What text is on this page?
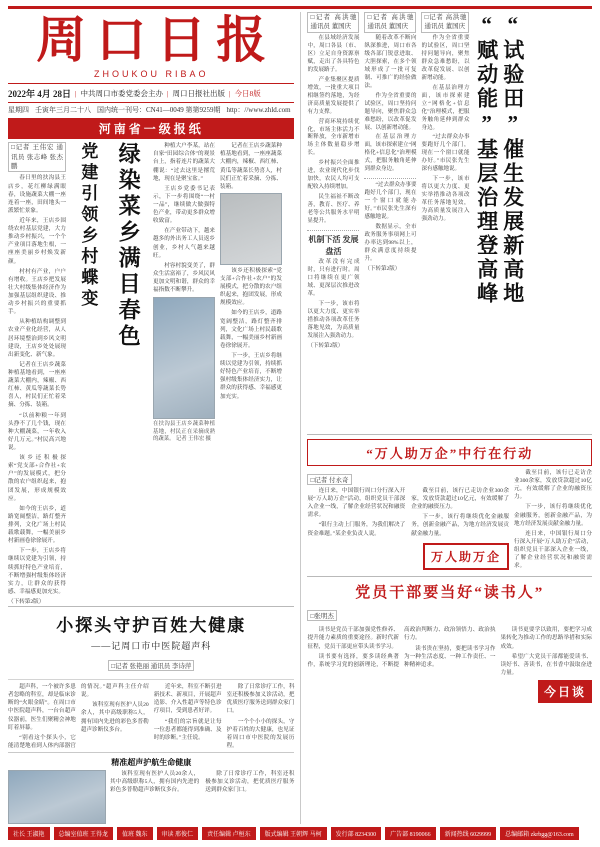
周口日报
ZHOUKOU RIBAO
2022年 4月 28日 | 中共周口市委党委会主办 | 周口日报社出版 | 今日8版
星期四 壬寅年三月二十八 国内统一刊号：CN41—0049 第第9259期 http：//www.zhld.com
河南省一级报纸
□记者 王伟宏 通讯员 张志峰 张杰鹏

春日里的扶沟县王店乡，花红柳绿满眼春，设施蔬菜大棚一座连着一座，田间地头一派繁忙景象。

近年来，王店乡围绕农村基层党建，大力推动乡村振兴，一个个产业项目落地生根，一座座美丽乡村焕发新颜。

村村有产业，户户有增收。王店乡把发展壮大村级集体经济作为加强基层组织建设、推动乡村振兴的重要抓手。

从种植结构调整到农业产业化经营，从人居环境整治到乡风文明建设，王店乡处处展现出新变化、新气象。

记者在王店乡蔬菜种植基地看到，一座座蔬菜大棚内，辣椒、西红柿、黄瓜等蔬菜长势喜人，村民们正忙着采摘、分拣、装箱。

“以前种粮一年到头挣不了几个钱，现在种大棚蔬菜，一年收入好几万元。”村民高兴地说。

该乡还积极探索“党支部+合作社+农户”的发展模式，把分散的农户组织起来，抱团发展，形成规模效应。

如今的王店乡，道路宽阔整洁，路灯整齐排列，文化广场上村民载歌载舞，一幅美丽乡村新画卷徐徐展开。

下一步，王店乡将继续以党建为引领，持续抓好特色产业培育，不断增强村级集体经济实力，让群众的获得感、幸福感更加充实。

（下转第2版）

党建引领乡村蝶变 绿染菜乡满目春色	种植大户李某，站在自家“田园综合体”的观景台上，指着连片的蔬菜大棚说：“过去这里是撂荒地，现在是聚宝盆。”

王店乡党委书记表示，下一步将围绕“一村一品”，继续做大做强特色产业，带动更多群众增收致富。

在产业带动下，越来越多的外出务工人员返乡创业，乡村人气越来越旺。

村容村貌变美了，群众生活富裕了，乡风民风更加文明和谐，群众的幸福指数不断攀升。

在扶沟县王店乡蔬菜种植基地，村民正在采摘成熟的蔬菜。 记者 王伟宏 摄

记者在王店乡蔬菜种植基地看到，一座座蔬菜大棚内，辣椒、西红柿、黄瓜等蔬菜长势喜人，村民们正忙着采摘、分拣、装箱。

该乡还积极探索“党支部+合作社+农户”的发展模式，把分散的农户组织起来，抱团发展，形成规模效应。

如今的王店乡，道路宽阔整洁，路灯整齐排列，文化广场上村民载歌载舞，一幅美丽乡村新画卷徐徐展开。

下一步，王店乡将继续以党建为引领，持续抓好特色产业培育，不断增强村级集体经济实力，让群众的获得感、幸福感更加充实。

小探头守护百姓大健康
——记周口市中医院超声科
□记者 张艳丽 通讯员 李诗萍

超声科，一个被许多患者忽略的科室，却是临床诊断的“火眼金睛”。在周口市中医院超声科，一台台超声仪器前，医生们聚精会神地盯着屏幕。

“别看这个探头小，它能清楚地看到人体内部器官的情况。”超声科主任介绍说。

该科室现有医护人员20余人，其中高级职称5人，拥有国内先进的彩色多普勒超声诊断仪多台。

近年来，科室不断引进新技术、新项目，开展超声造影、介入性超声等特色诊疗项目，受到患者好评。

“我们的宗旨就是让每一位患者都能得到准确、及时的诊断。”主任说。

除了日常诊疗工作，科室还积极参加义诊活动，把优质医疗服务送到群众家门口。

一个个小小的探头，守护着百姓的大健康，也见证着周口市中医院的发展历程。

精准超声护航生命健康

该科室现有医护人员20余人，其中高级职称5人，拥有国内先进的彩色多普勒超声诊断仪多台。

除了日常诊疗工作，科室还积极参加义诊活动，把优质医疗服务送到群众家门口。

□记者 高洪驰 通讯员 董国庆

在县域经济发展中，周口各县（市、区）立足自身资源禀赋，走出了各具特色的发展路子。

产业集聚区提质增效，一批重大项目相继签约落地，为经济高质量发展提供了有力支撑。

营商环境持续优化，市场主体活力不断释放，全市新增市场主体数量稳步增长。

乡村振兴全面推进，农业现代化步伐加快，农民人均可支配收入持续增加。

民生福祉不断改善，教育、医疗、养老等公共服务水平明显提升。

机制下活 发展盘活

改革没有完成时，只有进行时。周口将继续在更广领域、更深层次推进改革。

下一步，该市将以更大力度、更实举措推动各项改革任务落地见效，为高质量发展注入强劲动力。

（下转第2版）

□记者 高洪驰 通讯员 董国庆

随着改革不断向纵深推进，周口市各级各部门锐意进取、大胆探索，在多个领域形成了一批可复制、可推广的经验做法。

作为全省重要的试验区，周口坚持问题导向，聚焦群众急难愁盼，以改革促发展、以创新增动能。

在基层治理方面，该市探索建立“网格化+信息化”治理模式，把服务触角延伸到群众身边。

“过去群众办事要跑好几个部门，现在一个窗口就能办好。”市民张先生深有感触地说。

数据显示，全市政务服务事项网上可办率达到98%以上，群众满意度持续提升。

（下转第2版）

□记者 高洪驰 通讯员 董国庆

作为全省重要的试验区，周口坚持问题导向，聚焦群众急难愁盼，以改革促发展、以创新增动能。

在基层治理方面，该市探索建立“网格化+信息化”治理模式，把服务触角延伸到群众身边。

“过去群众办事要跑好几个部门，现在一个窗口就能办好。”市民张先生深有感触地说。

下一步，该市将以更大力度、更实举措推动各项改革任务落地见效，为高质量发展注入强劲动力。	“赋动能”基层治理登高峰 “试验田”催生发展新高地
“万人助万企”中行在行动
□记者 付永奇

连日来，中国银行周口分行深入开展“万人助万企”活动，组织党员干部深入企业一线，了解企业经营状况和融资需求。

“银行主动上门服务，为我们解决了资金难题。”某企业负责人说。

截至目前，该行已走访企业300余家，发放贷款超过10亿元，有效缓解了企业的融资压力。

下一步，该行将继续优化金融服务，创新金融产品，为地方经济发展贡献金融力量。

万人助万企

截至目前，该行已走访企业300余家，发放贷款超过10亿元，有效缓解了企业的融资压力。

下一步，该行将继续优化金融服务，创新金融产品，为地方经济发展贡献金融力量。

连日来，中国银行周口分行深入开展“万人助万企”活动，组织党员干部深入企业一线，了解企业经营状况和融资需求。

党员干部要当好“读书人”
□张明杰

读书是党员干部加强党性修养、提升能力素质的重要途径。新时代新征程，党员干部更应带头读书学习。

读书要有选择，要多读经典著作，系统学习党的创新理论，不断提高政治判断力、政治领悟力、政治执行力。

读书贵在坚持，要把读书学习作为一种生活态度、一种工作责任、一种精神追求。

读书更要学以致用，要把学习成果转化为推动工作的思路举措和实际成效。

希望广大党员干部都能爱读书、读好书、善读书，在书香中汲取奋进力量。

今日谈
社长 王淑艳	总编室值班 王得龙	值班 魏东	审读 邢俊仁	责任编辑 卢桓东	版式编辑 王朝辉 马柯	发行部 8234300	广告部 8190066	新闻热线 6029999	总编邮箱 zkrbgg@163.com
